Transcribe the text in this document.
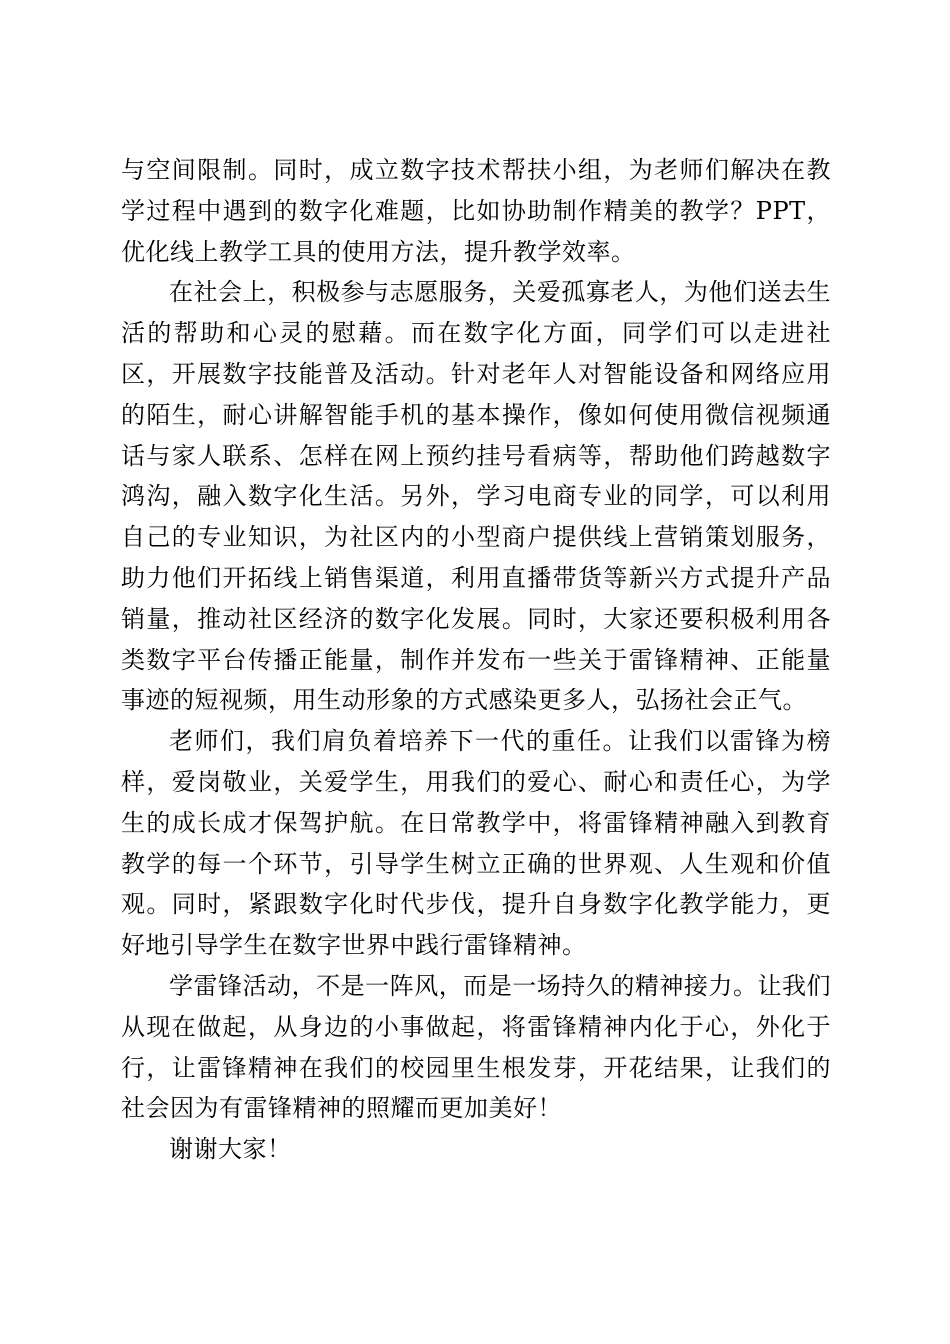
与空间限制。同时，成立数字技术帮扶小组，为老师们解决在教学过程中遇到的数字化难题，比如协助制作精美的教学？PPT，优化线上教学工具的使用方法，提升教学效率。

在社会上，积极参与志愿服务，关爱孤寡老人，为他们送去生活的帮助和心灵的慰藉。而在数字化方面，同学们可以走进社区，开展数字技能普及活动。针对老年人对智能设备和网络应用的陌生，耐心讲解智能手机的基本操作，像如何使用微信视频通话与家人联系、怎样在网上预约挂号看病等，帮助他们跨越数字鸿沟，融入数字化生活。另外，学习电商专业的同学，可以利用自己的专业知识，为社区内的小型商户提供线上营销策划服务，助力他们开拓线上销售渠道，利用直播带货等新兴方式提升产品销量，推动社区经济的数字化发展。同时，大家还要积极利用各类数字平台传播正能量，制作并发布一些关于雷锋精神、正能量事迹的短视频，用生动形象的方式感染更多人，弘扬社会正气。

老师们，我们肩负着培养下一代的重任。让我们以雷锋为榜样，爱岗敬业，关爱学生，用我们的爱心、耐心和责任心，为学生的成长成才保驾护航。在日常教学中，将雷锋精神融入到教育教学的每一个环节，引导学生树立正确的世界观、人生观和价值观。同时，紧跟数字化时代步伐，提升自身数字化教学能力，更好地引导学生在数字世界中践行雷锋精神。

学雷锋活动，不是一阵风，而是一场持久的精神接力。让我们从现在做起，从身边的小事做起，将雷锋精神内化于心，外化于行，让雷锋精神在我们的校园里生根发芽，开花结果，让我们的社会因为有雷锋精神的照耀而更加美好！

谢谢大家！
